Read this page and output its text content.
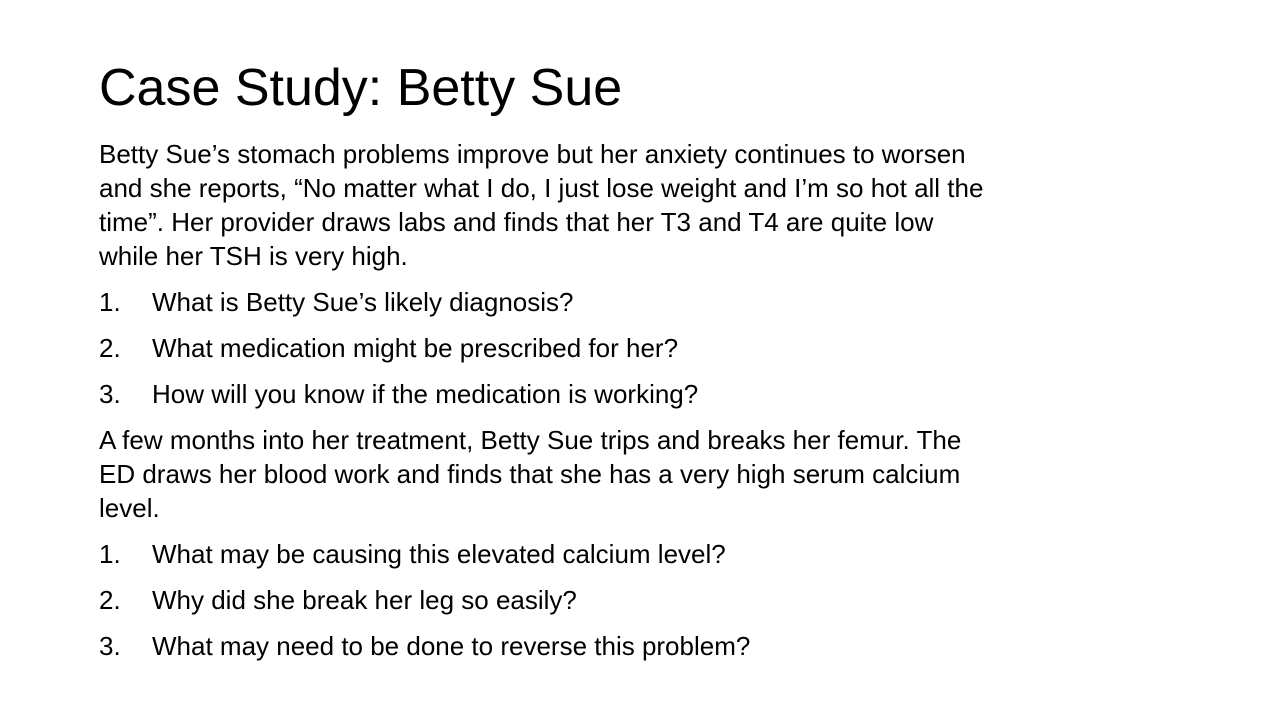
Case Study: Betty Sue

Betty Sue’s stomach problems improve but her anxiety continues to worsen
and she reports, “No matter what I do, I just lose weight and I’m so hot all the
time”. Her provider draws labs and finds that her T3 and T4 are quite low
while her TSH is very high.

1.	What is Betty Sue’s likely diagnosis?
2.	What medication might be prescribed for her?
3.	How will you know if the medication is working?

A few months into her treatment, Betty Sue trips and breaks her femur. The
ED draws her blood work and finds that she has a very high serum calcium
level.

1.	What may be causing this elevated calcium level?
2.	Why did she break her leg so easily?
3.	What may need to be done to reverse this problem?
